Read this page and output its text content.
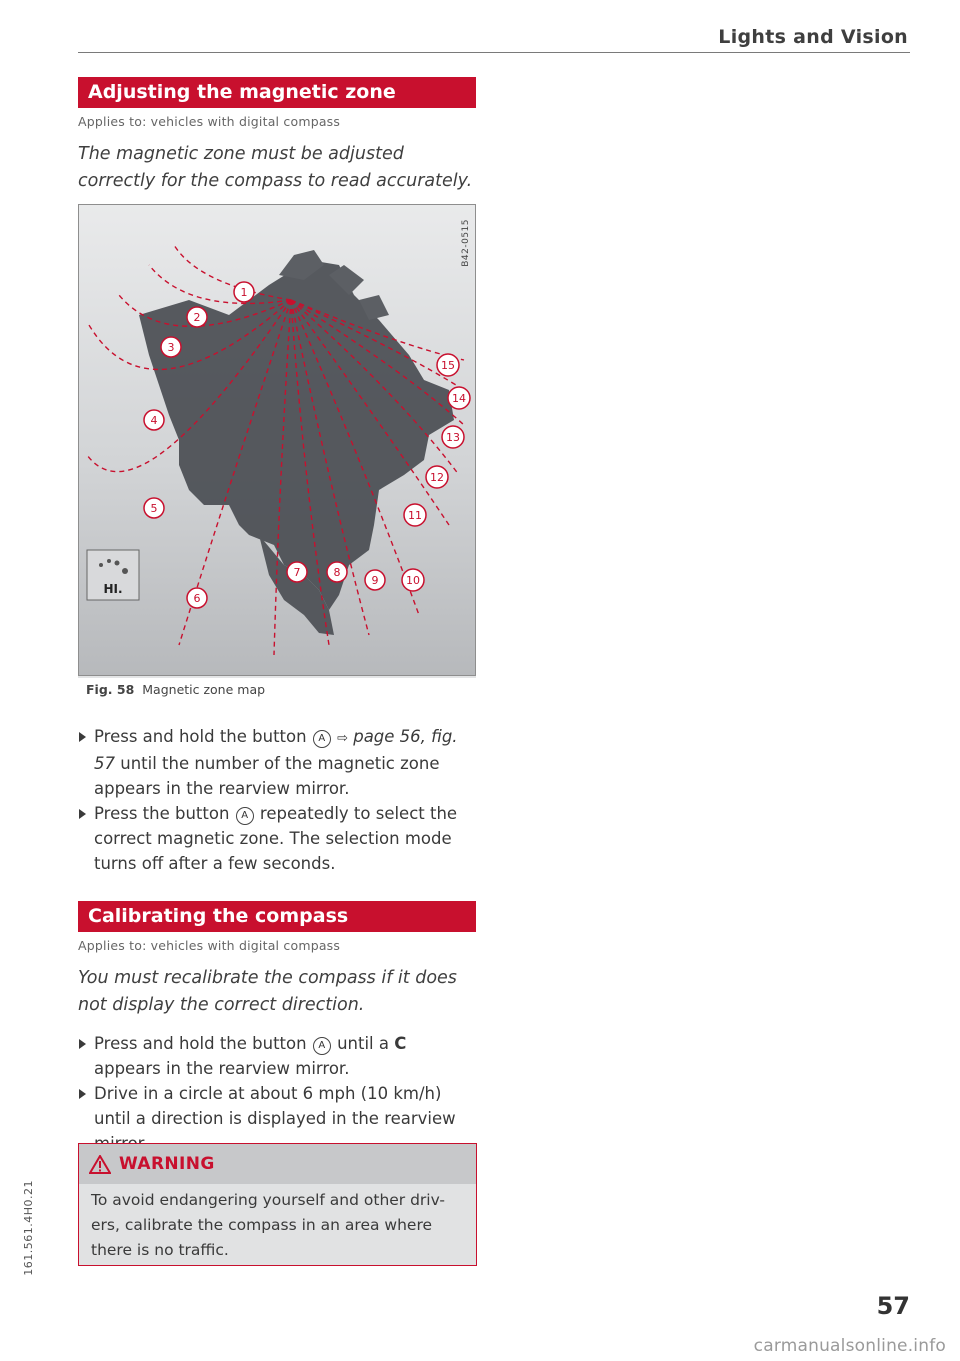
Lights and Vision
Adjusting the magnetic zone
Applies to: vehicles with digital compass
The magnetic zone must be adjusted correctly for the compass to read accurately.
1
2
3
4
5
6
7	8
9	10
11
12
13
14
15
HI.
B42-0515
Fig. 58 Magnetic zone map
Press and hold the button A ⇨ page 56, fig. 57 until the number of the magnetic zone appears in the rearview mirror.
Press the button A repeatedly to select the correct magnetic zone. The selection mode turns off after a few seconds.
Calibrating the compass
Applies to: vehicles with digital compass
You must recalibrate the compass if it does not display the correct direction.
Press and hold the button A until a C appears in the rearview mirror.
Drive in a circle at about 6 mph (10 km/h) until a direction is displayed in the rearview
WARNING
To avoid endangering yourself and other driv-ers, calibrate the compass in an area where there is no traffic.
161.561.4H0.21
57
carmanualsonline.info
